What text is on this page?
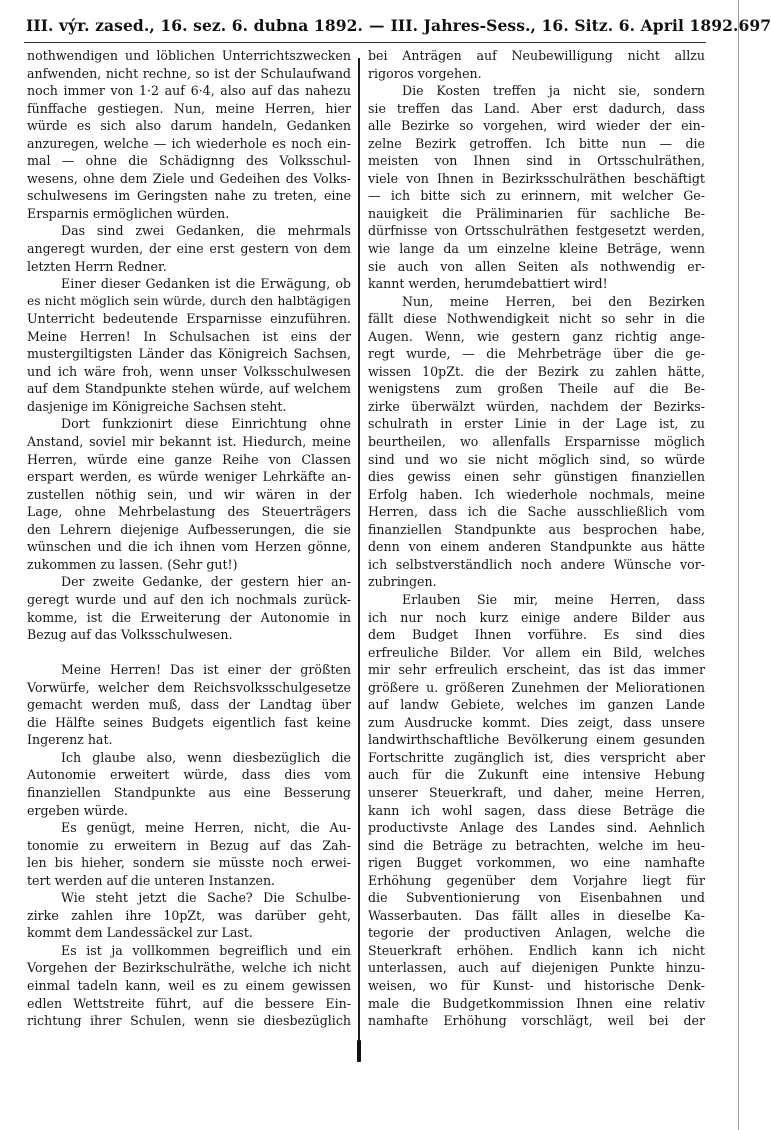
III. výr. zased., 16. sez. 6. dubna 1892. — III. Jahres-Sess., 16. Sitz. 6. April 1892. 697
nothwendigen und löblichen Unterrichtszwecken
anfwenden, nicht rechne, so ist der Schulaufwand
noch immer von 1·2 auf 6·4, also auf das nahezu
fünffache gestiegen. Nun, meine Herren, hier
würde es sich also darum handeln, Gedanken
anzuregen, welche — ich wiederhole es noch ein-
mal — ohne die Schädignng des Volksschul-
wesens, ohne dem Ziele und Gedeihen des Volks-
schulwesens im Geringsten nahe zu treten, eine
Ersparnis ermöglichen würden.
Das sind zwei Gedanken, die mehrmals
angeregt wurden, der eine erst gestern von dem
letzten Herrn Redner.
Einer dieser Gedanken ist die Erwägung, ob
es nicht möglich sein würde, durch den halbtägigen
Unterricht bedeutende Ersparnisse einzuführen.
Meine Herren! In Schulsachen ist eins der
mustergiltigsten Länder das Königreich Sachsen,
und ich wäre froh, wenn unser Volksschulwesen
auf dem Standpunkte stehen würde, auf welchem
dasjenige im Königreiche Sachsen steht.
Dort funkzionirt diese Einrichtung ohne
Anstand, soviel mir bekannt ist. Hiedurch, meine
Herren, würde eine ganze Reihe von Classen
erspart werden, es würde weniger Lehrkäfte an-
zustellen nöthig sein, und wir wären in der
Lage, ohne Mehrbelastung des Steuerträgers
den Lehrern diejenige Aufbesserungen, die sie
wünschen und die ich ihnen vom Herzen gönne,
zukommen zu lassen. (Sehr gut!)
Der zweite Gedanke, der gestern hier an-
geregt wurde und auf den ich nochmals zurück-
komme, ist die Erweiterung der Autonomie in
Bezug auf das Volksschulwesen.
Meine Herren! Das ist einer der größten
Vorwürfe, welcher dem Reichsvolksschulgesetze
gemacht werden muß, dass der Landtag über
die Hälfte seines Budgets eigentlich fast keine
Ingerenz hat.
Ich glaube also, wenn diesbezüglich die
Autonomie erweitert würde, dass dies vom
finanziellen Standpunkte aus eine Besserung
ergeben würde.
Es genügt, meine Herren, nicht, die Au-
tonomie zu erweitern in Bezug auf das Zah-
len bis hieher, sondern sie müsste noch erwei-
tert werden auf die unteren Instanzen.
Wie steht jetzt die Sache? Die Schulbe-
zirke zahlen ihre 10pZt, was darüber geht,
kommt dem Landessäckel zur Last.
Es ist ja vollkommen begreiflich und ein
Vorgehen der Bezirkschulräthe, welche ich nicht
einmal tadeln kann, weil es zu einem gewissen
edlen Wettstreite führt, auf die bessere Ein-
richtung ihrer Schulen, wenn sie diesbezüglich
bei Anträgen auf Neubewilligung nicht allzu
rigoros vorgehen.
Die Kosten treffen ja nicht sie, sondern
sie treffen das Land. Aber erst dadurch, dass
alle Bezirke so vorgehen, wird wieder der ein-
zelne Bezirk getroffen. Ich bitte nun — die
meisten von Ihnen sind in Ortsschulräthen,
viele von Ihnen in Bezirksschulräthen beschäftigt
— ich bitte sich zu erinnern, mit welcher Ge-
nauigkeit die Präliminarien für sachliche Be-
dürfnisse von Ortsschulräthen festgesetzt werden,
wie lange da um einzelne kleine Beträge, wenn
sie auch von allen Seiten als nothwendig er-
kannt werden, herumdebattiert wird!
Nun, meine Herren, bei den Bezirken
fällt diese Nothwendigkeit nicht so sehr in die
Augen. Wenn, wie gestern ganz richtig ange-
regt wurde, — die Mehrbeträge über die ge-
wissen 10pZt. die der Bezirk zu zahlen hätte,
wenigstens zum großen Theile auf die Be-
zirke überwälzt würden, nachdem der Bezirks-
schulrath in erster Linie in der Lage ist, zu
beurtheilen, wo allenfalls Ersparnisse möglich
sind und wo sie nicht möglich sind, so würde
dies gewiss einen sehr günstigen finanziellen
Erfolg haben. Ich wiederhole nochmals, meine
Herren, dass ich die Sache ausschließlich vom
finanziellen Standpunkte aus besprochen habe,
denn von einem anderen Standpunkte aus hätte
ich selbstverständlich noch andere Wünsche vor-
zubringen.
Erlauben Sie mir, meine Herren, dass
ich nur noch kurz einige andere Bilder aus
dem Budget Ihnen vorführe. Es sind dies
erfreuliche Bilder. Vor allem ein Bild, welches
mir sehr erfreulich erscheint, das ist das immer
größere u. größeren Zunehmen der Meliorationen
auf landw Gebiete, welches im ganzen Lande
zum Ausdrucke kommt. Dies zeigt, dass unsere
landwirthschaftliche Bevölkerung einem gesunden
Fortschritte zugänglich ist, dies verspricht aber
auch für die Zukunft eine intensive Hebung
unserer Steuerkraft, und daher, meine Herren,
kann ich wohl sagen, dass diese Beträge die
productivste Anlage des Landes sind. Aehnlich
sind die Beträge zu betrachten, welche im heu-
rigen Bugget vorkommen, wo eine namhafte
Erhöhung gegenüber dem Vorjahre liegt für
die Subventionierung von Eisenbahnen und
Wasserbauten. Das fällt alles in dieselbe Ka-
tegorie der productiven Anlagen, welche die
Steuerkraft erhöhen. Endlich kann ich nicht
unterlassen, auch auf diejenigen Punkte hinzu-
weisen, wo für Kunst- und historische Denk-
male die Budgetkommission Ihnen eine relativ
namhafte Erhöhung vorschlägt, weil bei der
